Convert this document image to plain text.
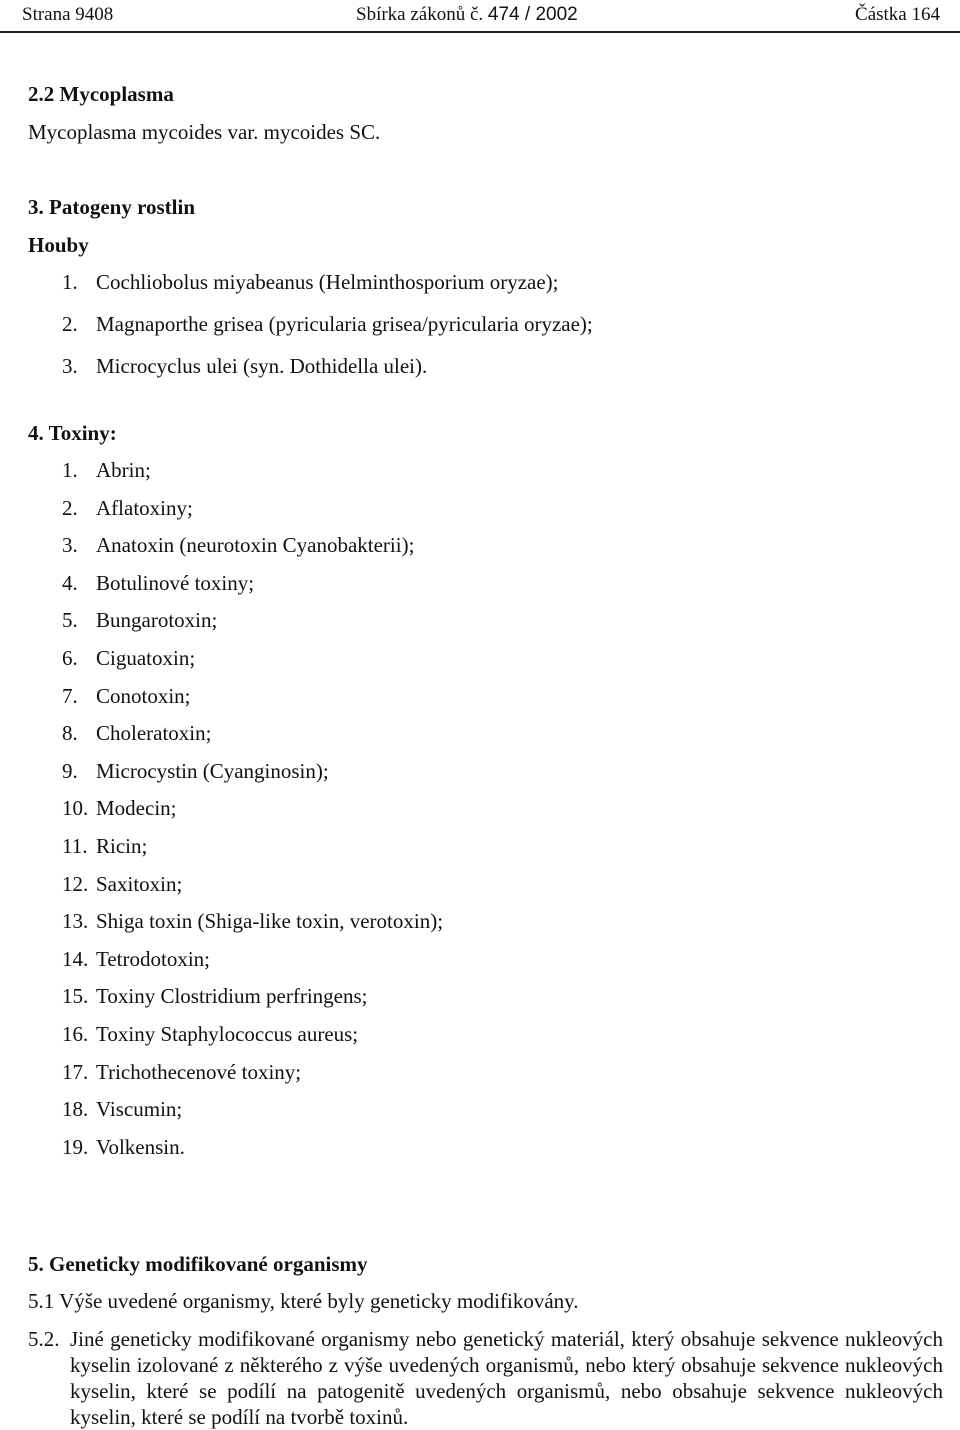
Strana 9408	Sbírka zákonů č. 474 / 2002	Částka 164
2.2 Mycoplasma
Mycoplasma mycoides var. mycoides SC.
3. Patogeny rostlin
Houby
1. Cochliobolus miyabeanus (Helminthosporium oryzae);
2. Magnaporthe grisea (pyricularia grisea/pyricularia oryzae);
3. Microcyclus ulei (syn. Dothidella ulei).
4. Toxiny:
1. Abrin;
2. Aflatoxiny;
3. Anatoxin (neurotoxin Cyanobakterii);
4. Botulinové toxiny;
5. Bungarotoxin;
6. Ciguatoxin;
7. Conotoxin;
8. Choleratoxin;
9. Microcystin (Cyanginosin);
10. Modecin;
11. Ricin;
12. Saxitoxin;
13. Shiga toxin (Shiga-like toxin, verotoxin);
14. Tetrodotoxin;
15. Toxiny Clostridium perfringens;
16. Toxiny Staphylococcus aureus;
17. Trichothecenové toxiny;
18. Viscumin;
19. Volkensin.
5. Geneticky modifikované organismy
5.1 Výše uvedené organismy, které byly geneticky modifikovány.
5.2. Jiné geneticky modifikované organismy nebo genetický materiál, který obsahuje sekvence nukleových kyselin izolované z některého z výše uvedených organismů, nebo který obsahuje sekvence nukleových kyselin, které se podílí na patogenitě uvedených organismů, nebo obsahuje sekvence nukleových kyselin, které se podílí na tvorbě toxinů.
